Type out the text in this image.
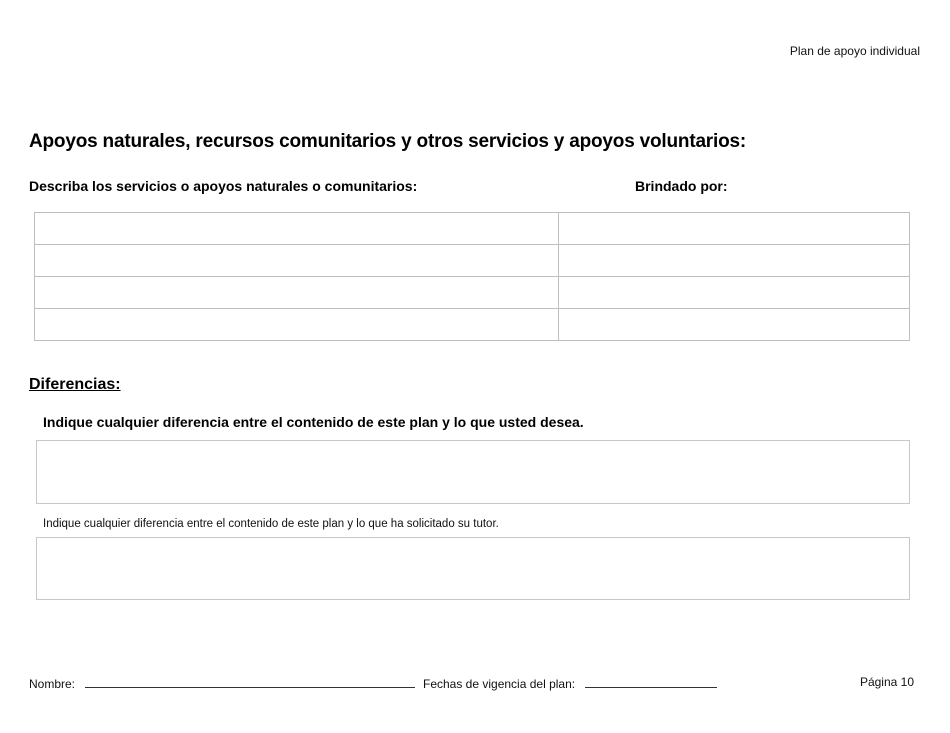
Plan de apoyo individual
Apoyos naturales, recursos comunitarios y otros servicios y apoyos voluntarios:
Describa los servicios o apoyos naturales o comunitarios:	Brindado por:

Diferencias:
Indique cualquier diferencia entre el contenido de este plan y lo que usted desea.
Indique cualquier diferencia entre el contenido de este plan y lo que ha solicitado su tutor.
Nombre:	Fechas de vigencia del plan:	Página 10
